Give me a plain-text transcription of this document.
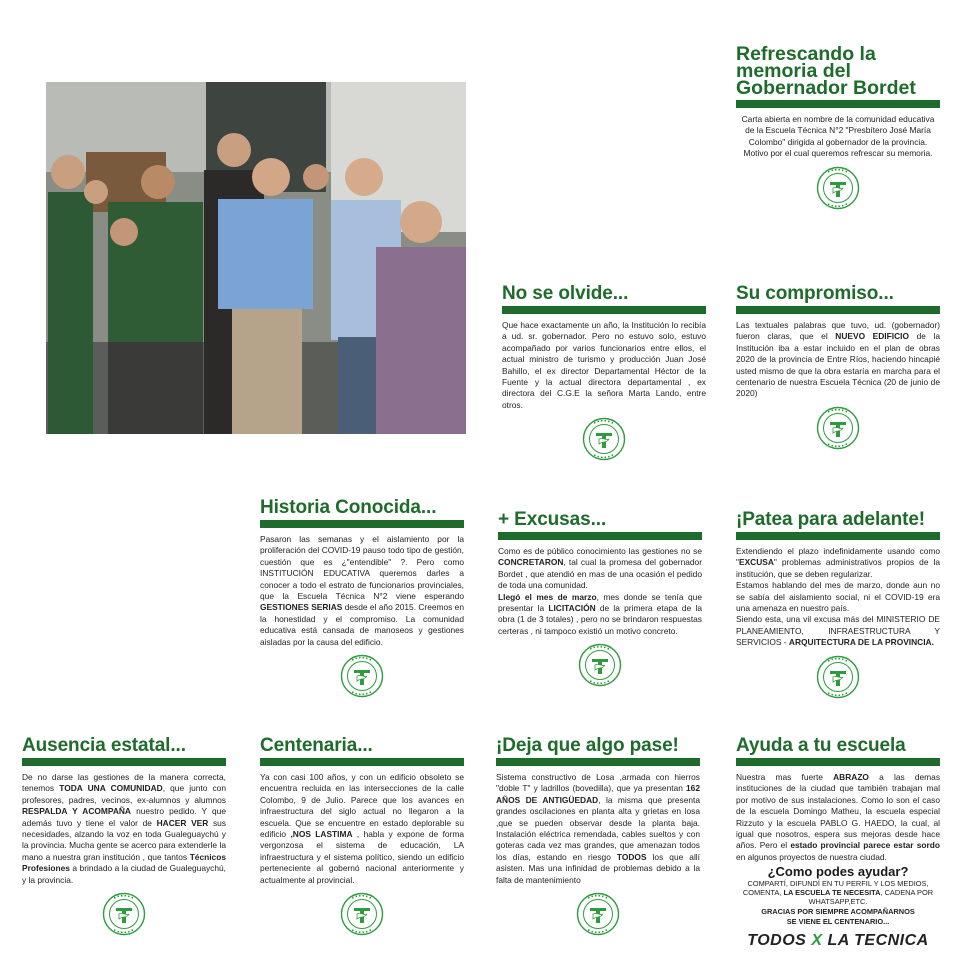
Refrescando la
memoria del
Gobernador Bordet
Carta abierta en nombre de la comunidad educativa de la Escuela Técnica N°2 "Presbítero José María Colombo" dirigida al gobernador de la provincia. Motivo por el cual queremos refrescar su memoria.
No se olvide...
Que hace exactamente un año, la Institución lo recibía a ud. sr. gobernador. Pero no estuvo solo, estuvo acompañado por varios funcionarios entre ellos, el actual ministro de turismo y producción Juan José Bahillo, el ex director Departamental Héctor de la Fuente y la actual directora departamental , ex directora del C.G.E la señora Marta Lando, entre otros.
Su compromiso...
Las textuales palabras que tuvo, ud. (gobernador) fueron claras, que el NUEVO EDIFICIO de la Institución iba a estar incluido en el plan de obras 2020 de la provincia de Entre Ríos, haciendo hincapié usted mismo de que la obra estaría en marcha para el centenario de nuestra Escuela Técnica (20 de junio de 2020)
Historia Conocida...
Pasaron las semanas y el aislamiento por la proliferación del COVID-19 pauso todo tipo de gestión, cuestión que es ¿"entendible" ?. Pero como INSTITUCIÓN EDUCATIVA queremos darles a conocer a todo el estrato de funcionarios provinciales, que la Escuela Técnica N°2 viene esperando GESTIONES SERIAS desde el año 2015. Creemos en la honestidad y el compromiso. La comunidad educativa está cansada de manoseos y gestiones aisladas por la causa del edificio.
+ Excusas...
Como es de público conocimiento las gestiones no se CONCRETARON, tal cual la promesa del gobernador Bordet , que atendió en mas de una ocasión el pedido de toda una comunidad.
Llegó el mes de marzo, mes donde se tenía que presentar la LICITACIÓN de la primera etapa de la obra (1 de 3 totales) , pero no se brindaron respuestas certeras , ni tampoco existió un motivo concreto.
¡Patea para adelante!
Extendiendo el plazo indefinidamente usando como "EXCUSA" problemas administrativos propios de la institución, que se deben regularizar.
Estamos hablando del mes de marzo, donde aun no se sabía del aislamiento social, ni el COVID-19 era una amenaza en nuestro país.
Siendo esta, una vil excusa más del MINISTERIO DE PLANEAMIENTO, INFRAESTRUCTURA Y SERVICIOS - ARQUITECTURA DE LA PROVINCIA.
Ausencia estatal...
De no darse las gestiones de la manera correcta, tenemos TODA UNA COMUNIDAD, que junto con profesores, padres, vecinos, ex-alumnos y alumnos RESPALDA Y ACOMPAÑA nuestro pedido. Y que además tuvo y tiene el valor de HACER VER sus necesidades, alzando la voz en toda Gualeguaychú y la provincia. Mucha gente se acerco para extenderle la mano a nuestra gran institución , que tantos Técnicos Profesiones a brindado a la ciudad de Gualeguaychú, y la provincia.
Centenaria...
Ya con casi 100 años, y con un edificio obsoleto se encuentra recluida en las intersecciones de la calle Colombo, 9 de Julio. Parece que los avances en infraestructura del siglo actual no llegaron a la escuela. Que se encuentre en estado deplorable su edificio ,NOS LASTIMA , habla y expone de forma vergonzosa el sistema de educación, LA infraestructura y el sistema político, siendo un edificio perteneciente al gobernó nacional anteriormente y actualmente al provincial.
¡Deja que algo pase!
Sistema constructivo de Losa ,armada con hierros "doble T" y ladrillos (bovedilla), que ya presentan 162 AÑOS DE ANTIGÜEDAD, la misma que presenta grandes oscilaciones en planta alta y grietas en losa ,que se pueden observar desde la planta baja. Instalación eléctrica remendada, cables sueltos y con goteras cada vez mas grandes, que amenazan todos los días, estando en riesgo TODOS los que allí asisten. Mas una infinidad de problemas debido a la falta de mantenimiento
Ayuda a tu escuela
Nuestra mas fuerte ABRAZO a las demas instituciones de la ciudad que también trabajan mal por motivo de sus instalaciones. Como lo son el caso de la escuela Domingo Matheu, la escuela especial Rizzuto y la escuela PABLO G. HAEDO, la cual, al igual que nosotros, espera sus mejoras desde hace años. Pero el estado provincial parece estar sordo en algunos proyectos de nuestra ciudad.
¿Como podes ayudar?
COMPARTÍ, DIFUNDÍ EN TU PERFIL Y LOS MEDIOS, COMENTA, LA ESCUELA TE NECESITA, CADENA POR WHATSAPP,ETC.
GRACIAS POR SIEMPRE ACOMPAÑARNOS
SE VIENE EL CENTENARIO...
TODOS X LA TECNICA
